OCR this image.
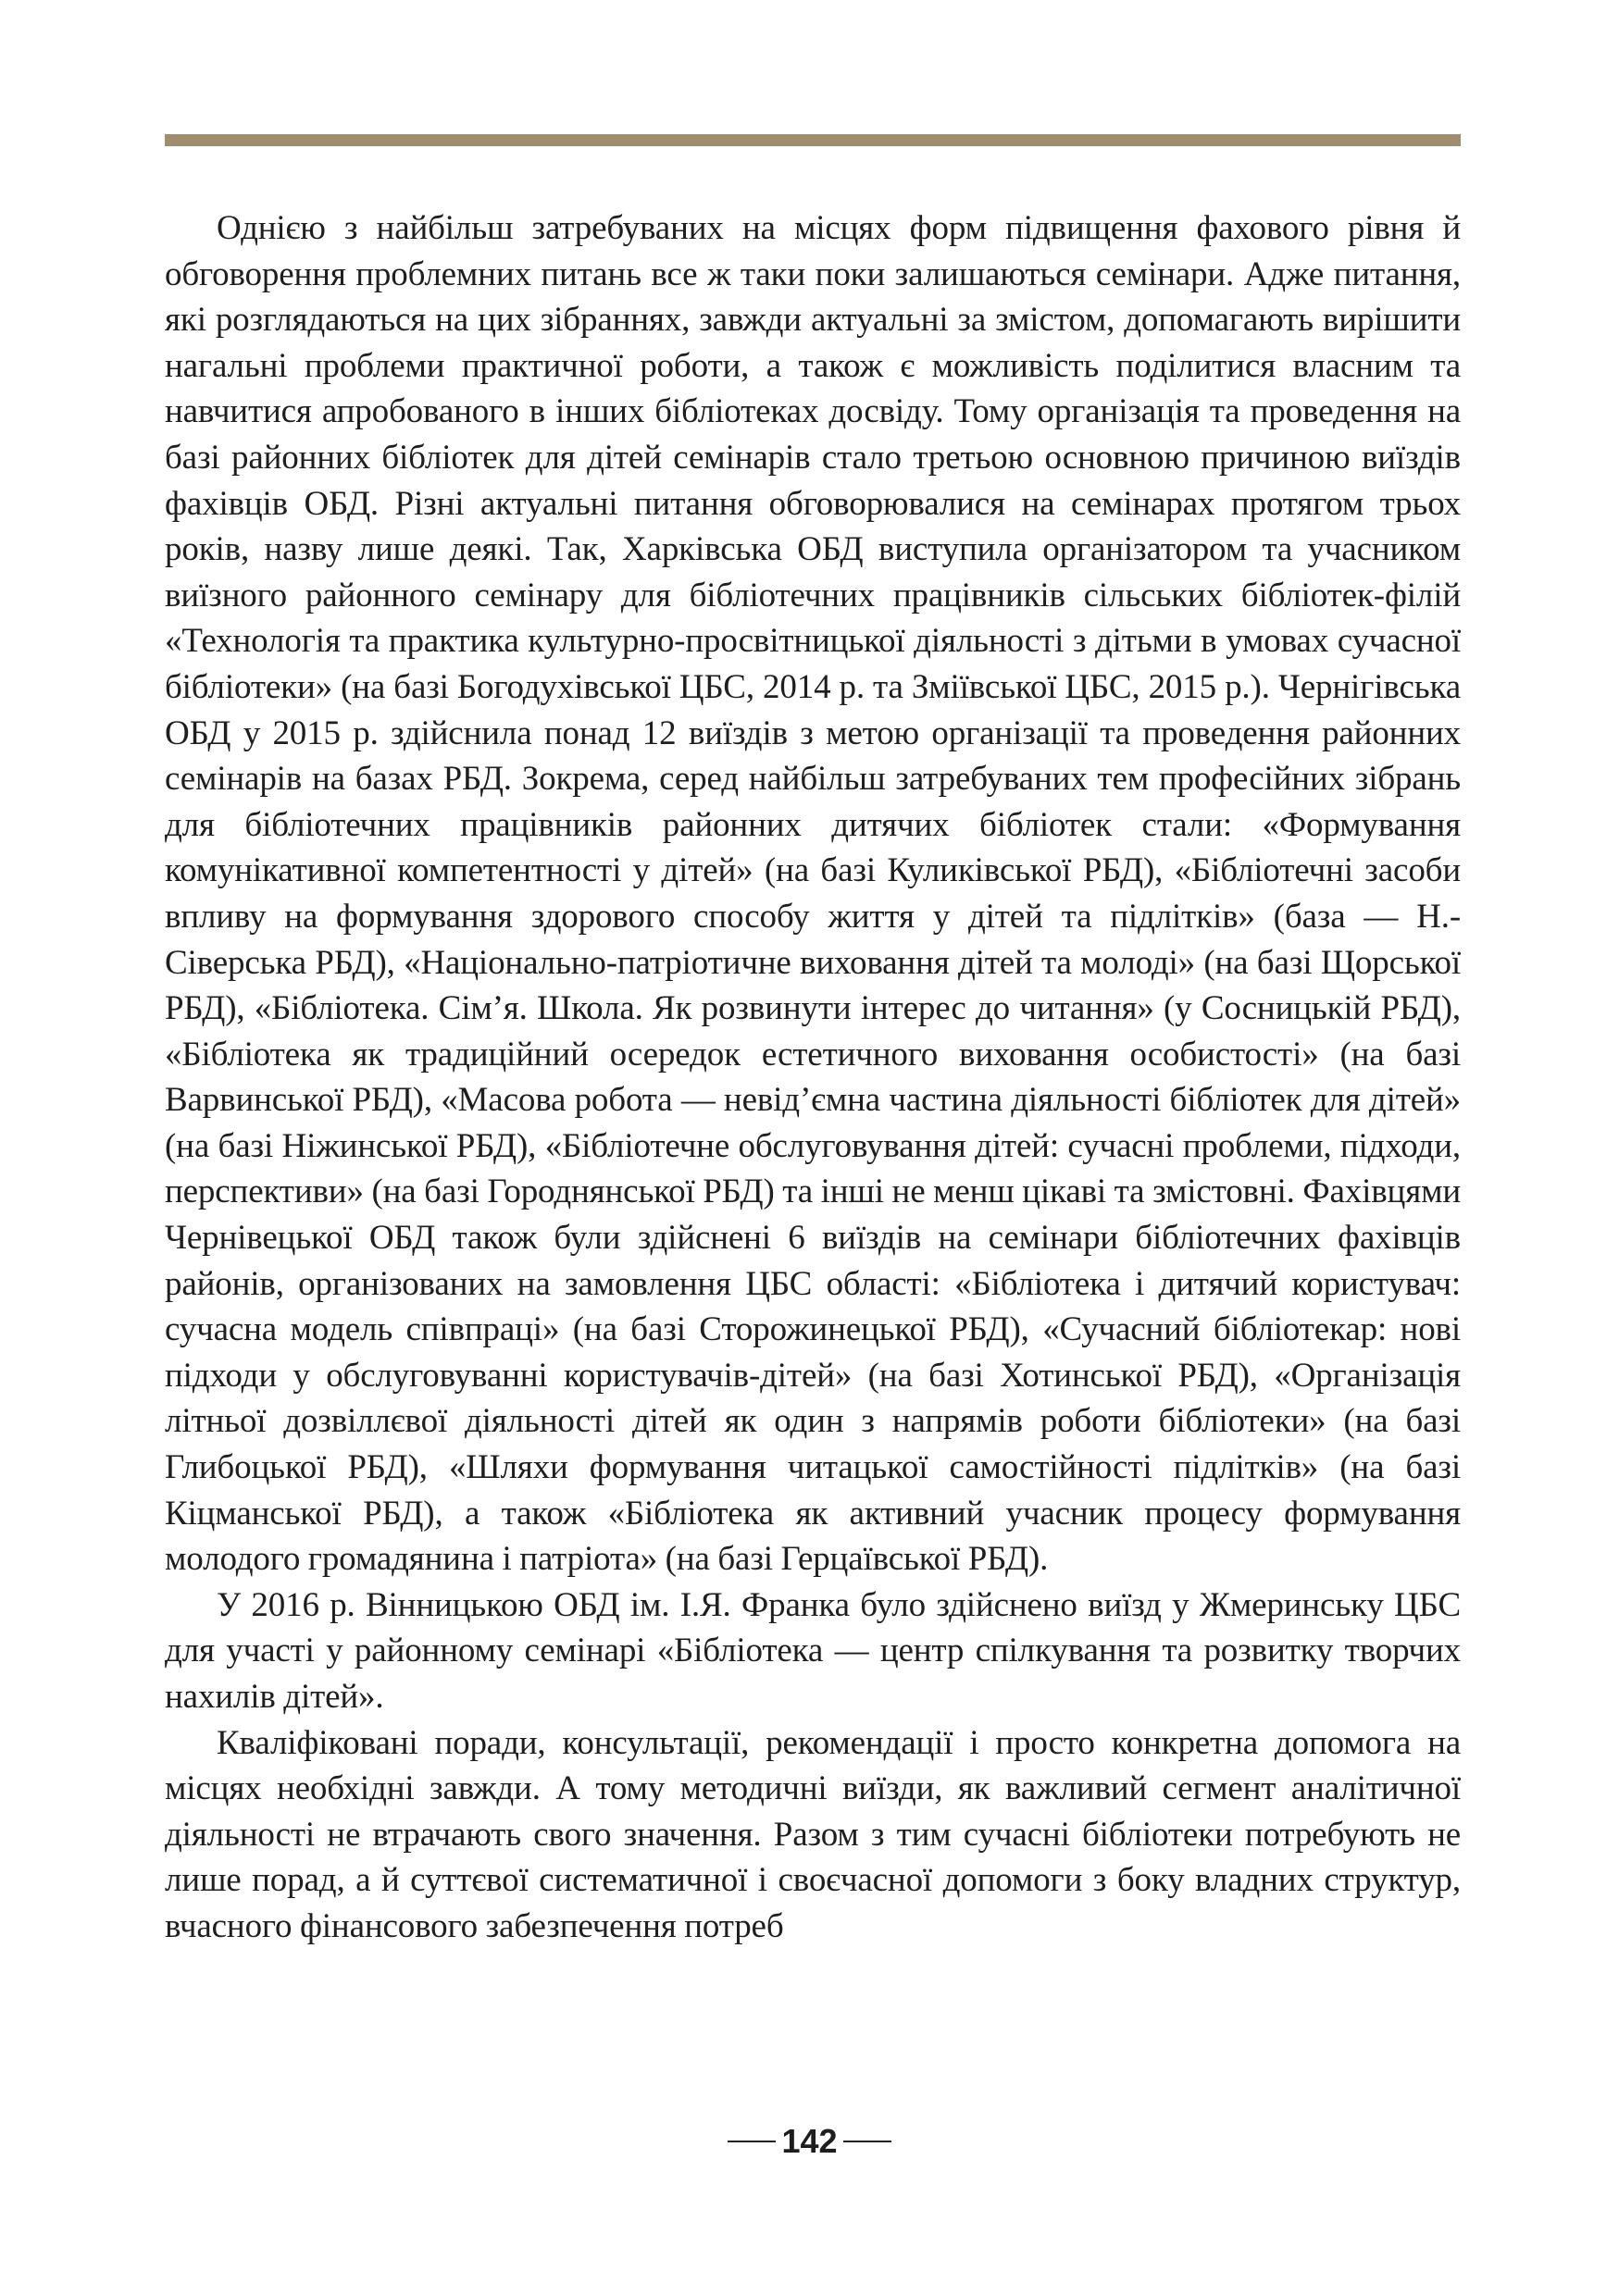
Однією з найбільш затребуваних на місцях форм підвищення фахового рівня й обговорення проблемних питань все ж таки поки залишаються семінари. Адже питання, які розглядаються на цих зібраннях, завжди актуальні за змістом, допомагають вирішити нагальні проблеми практичної роботи, а також є можливість поділитися власним та навчитися апробованого в інших бібліотеках досвіду. Тому організація та проведення на базі районних бібліотек для дітей семінарів стало третьою основною причиною виїздів фахівців ОБД. Різні актуальні питання обговорювалися на семінарах протягом трьох років, назву лише деякі. Так, Харківська ОБД виступила організатором та учасником виїзного районного семінару для бібліотечних працівників сільських бібліотек-філій «Технологія та практика культурно-просвітницької діяльності з дітьми в умовах сучасної бібліотеки» (на базі Богодухівської ЦБС, 2014 р. та Зміївської ЦБС, 2015 р.). Чернігівська ОБД у 2015 р. здійснила понад 12 виїздів з метою організації та проведення районних семінарів на базах РБД. Зокрема, серед найбільш затребуваних тем професійних зібрань для бібліотечних працівників районних дитячих бібліотек стали: «Формування комунікативної компетентності у дітей» (на базі Куликівської РБД), «Бібліотечні засоби впливу на формування здорового способу життя у дітей та підлітків» (база — Н.-Сіверська РБД), «Національно-патріотичне виховання дітей та молоді» (на базі Щорської РБД), «Бібліотека. Сім’я. Школа. Як розвинути інтерес до читання» (у Сосницькій РБД), «Бібліотека як традиційний осередок естетичного виховання особистості» (на базі Варвинської РБД), «Масова робота — невід’ємна частина діяльності бібліотек для дітей» (на базі Ніжинської РБД), «Бібліотечне обслуговування дітей: сучасні проблеми, підходи, перспективи» (на базі Городнянської РБД) та інші не менш цікаві та змістовні. Фахівцями Чернівецької ОБД також були здійснені 6 виїздів на семінари бібліотечних фахівців районів, організованих на замовлення ЦБС області: «Бібліотека і дитячий користувач: сучасна модель співпраці» (на базі Сторожинецької РБД), «Сучасний бібліотекар: нові підходи у обслуговуванні користувачів-дітей» (на базі Хотинської РБД), «Організація літньої дозвіллєвої діяльності дітей як один з напрямів роботи бібліотеки» (на базі Глибоцької РБД), «Шляхи формування читацької самостійності підлітків» (на базі Кіцманської РБД), а також «Бібліотека як активний учасник процесу формування молодого громадянина і патріота» (на базі Герцаївської РБД).

У 2016 р. Вінницькою ОБД ім. І.Я. Франка було здійснено виїзд у Жмеринську ЦБС для участі у районному семінарі «Бібліотека — центр спілкування та розвитку творчих нахилів дітей».

Кваліфіковані поради, консультації, рекомендації і просто конкретна допомога на місцях необхідні завжди. А тому методичні виїзди, як важливий сегмент аналітичної діяльності не втрачають свого значення. Разом з тим сучасні бібліотеки потребують не лише порад, а й суттєвої систематичної і своєчасної допомоги з боку владних структур, вчасного фінансового забезпечення потреб

142
